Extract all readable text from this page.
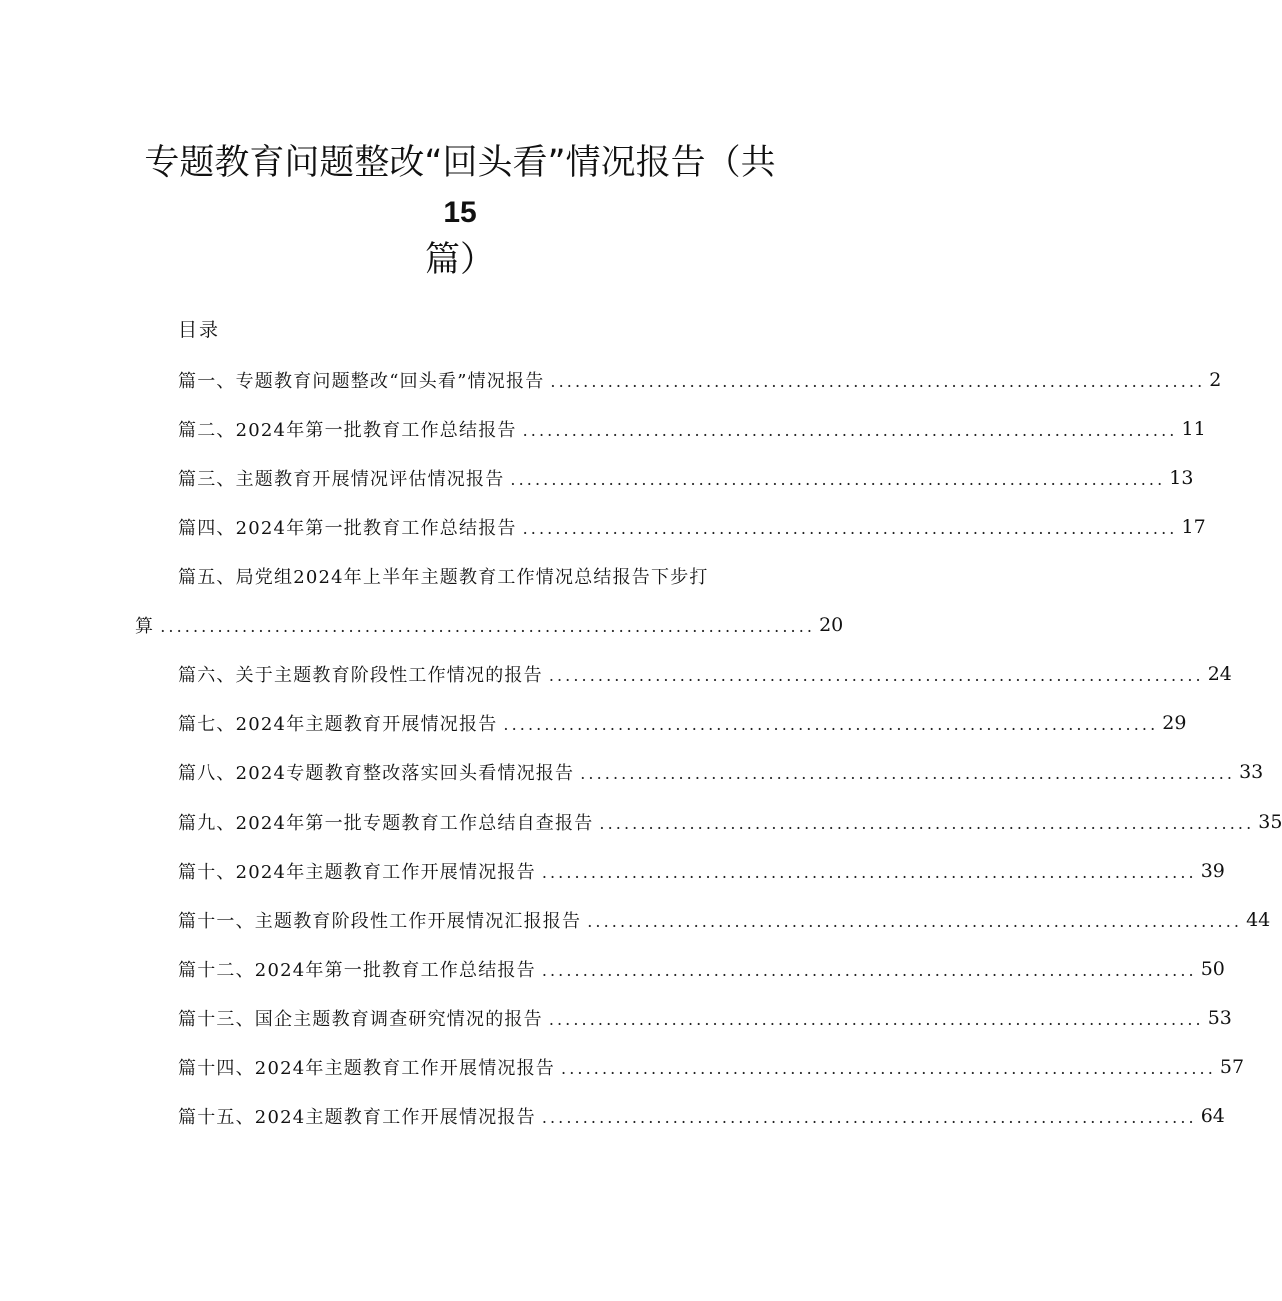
专题教育问题整改“回头看”情况报告（共
15
篇）
目录
篇一、专题教育问题整改“回头看”情况报告 ................................................................................ 2
篇二、2024年第一批教育工作总结报告 ................................................................................ 11
篇三、主题教育开展情况评估情况报告 ................................................................................ 13
篇四、2024年第一批教育工作总结报告 ................................................................................ 17
篇五、局党组2024年上半年主题教育工作情况总结报告下步打
算 ................................................................................ 20
篇六、关于主题教育阶段性工作情况的报告 ................................................................................ 24
篇七、2024年主题教育开展情况报告 ................................................................................ 29
篇八、2024专题教育整改落实回头看情况报告 ................................................................................ 33
篇九、2024年第一批专题教育工作总结自查报告 ................................................................................ 35
篇十、2024年主题教育工作开展情况报告 ................................................................................ 39
篇十一、主题教育阶段性工作开展情况汇报报告 ................................................................................ 44
篇十二、2024年第一批教育工作总结报告 ................................................................................ 50
篇十三、国企主题教育调查研究情况的报告 ................................................................................ 53
篇十四、2024年主题教育工作开展情况报告 ................................................................................ 57
篇十五、2024主题教育工作开展情况报告 ................................................................................ 64
